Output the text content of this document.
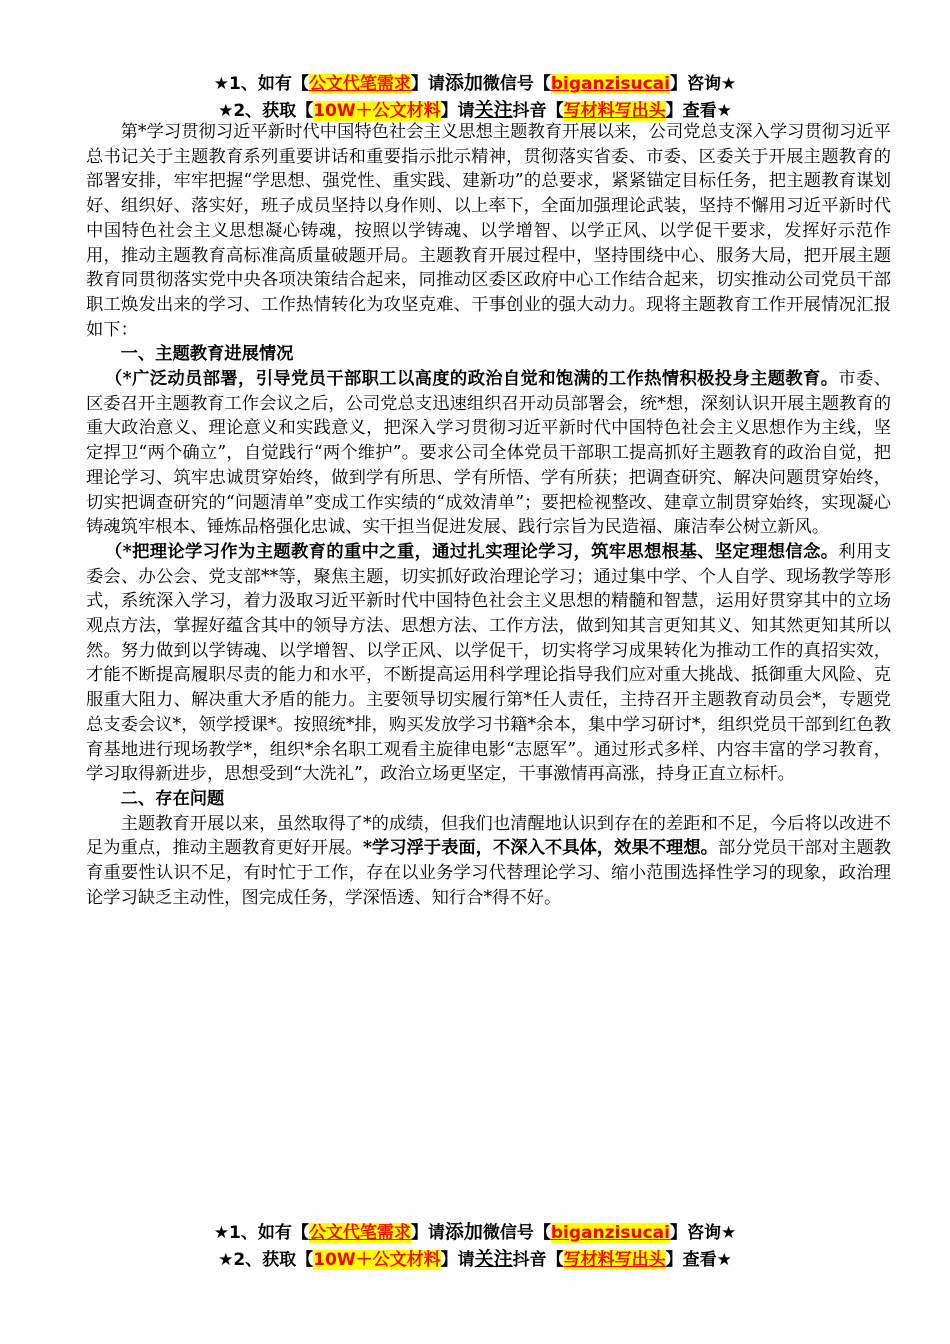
★1、如有【公文代笔需求】请添加微信号【biganzisucai】咨询★
★2、获取【10W＋公文材料】请关注抖音【写材料写出头】查看★

第*学习贯彻习近平新时代中国特色社会主义思想主题教育开展以来，公司党总支深入学习贯彻习近平总书记关于主题教育系列重要讲话和重要指示批示精神，贯彻落实省委、市委、区委关于开展主题教育的部署安排，牢牢把握“学思想、强党性、重实践、建新功”的总要求，紧紧锚定目标任务，把主题教育谋划好、组织好、落实好，班子成员坚持以身作则、以上率下，全面加强理论武装，坚持不懈用习近平新时代中国特色社会主义思想凝心铸魂，按照以学铸魂、以学增智、以学正风、以学促干要求，发挥好示范作用，推动主题教育高标准高质量破题开局。主题教育开展过程中，坚持围绕中心、服务大局，把开展主题教育同贯彻落实党中央各项决策结合起来，同推动区委区政府中心工作结合起来，切实推动公司党员干部职工焕发出来的学习、工作热情转化为攻坚克难、干事创业的强大动力。现将主题教育工作开展情况汇报如下：

一、主题教育进展情况

（*广泛动员部署，引导党员干部职工以高度的政治自觉和饱满的工作热情积极投身主题教育。市委、区委召开主题教育工作会议之后，公司党总支迅速组织召开动员部署会，统*想，深刻认识开展主题教育的重大政治意义、理论意义和实践意义，把深入学习贯彻习近平新时代中国特色社会主义思想作为主线，坚定捍卫“两个确立”，自觉践行“两个维护”。要求公司全体党员干部职工提高抓好主题教育的政治自觉，把理论学习、筑牢忠诚贯穿始终，做到学有所思、学有所悟、学有所获；把调查研究、解决问题贯穿始终，切实把调查研究的“问题清单”变成工作实绩的“成效清单”；要把检视整改、建章立制贯穿始终，实现凝心铸魂筑牢根本、锤炼品格强化忠诚、实干担当促进发展、践行宗旨为民造福、廉洁奉公树立新风。

（*把理论学习作为主题教育的重中之重，通过扎实理论学习，筑牢思想根基、坚定理想信念。利用支委会、办公会、党支部**等，聚焦主题，切实抓好政治理论学习；通过集中学、个人自学、现场教学等形式，系统深入学习，着力汲取习近平新时代中国特色社会主义思想的精髓和智慧，运用好贯穿其中的立场观点方法，掌握好蕴含其中的领导方法、思想方法、工作方法，做到知其言更知其义、知其然更知其所以然。努力做到以学铸魂、以学增智、以学正风、以学促干，切实将学习成果转化为推动工作的真招实效，才能不断提高履职尽责的能力和水平，不断提高运用科学理论指导我们应对重大挑战、抵御重大风险、克服重大阻力、解决重大矛盾的能力。主要领导切实履行第*任人责任，主持召开主题教育动员会*，专题党总支委会议*，领学授课*。按照统*排，购买发放学习书籍*余本，集中学习研讨*，组织党员干部到红色教育基地进行现场教学*，组织*余名职工观看主旋律电影“志愿军”。通过形式多样、内容丰富的学习教育，学习取得新进步，思想受到“大洗礼”，政治立场更坚定，干事激情再高涨，持身正直立标杆。

二、存在问题

主题教育开展以来，虽然取得了*的成绩，但我们也清醒地认识到存在的差距和不足，今后将以改进不足为重点，推动主题教育更好开展。*学习浮于表面，不深入不具体，效果不理想。部分党员干部对主题教育重要性认识不足，有时忙于工作，存在以业务学习代替理论学习、缩小范围选择性学习的现象，政治理论学习缺乏主动性，图完成任务，学深悟透、知行合*得不好。

★1、如有【公文代笔需求】请添加微信号【biganzisucai】咨询★
★2、获取【10W＋公文材料】请关注抖音【写材料写出头】查看★
